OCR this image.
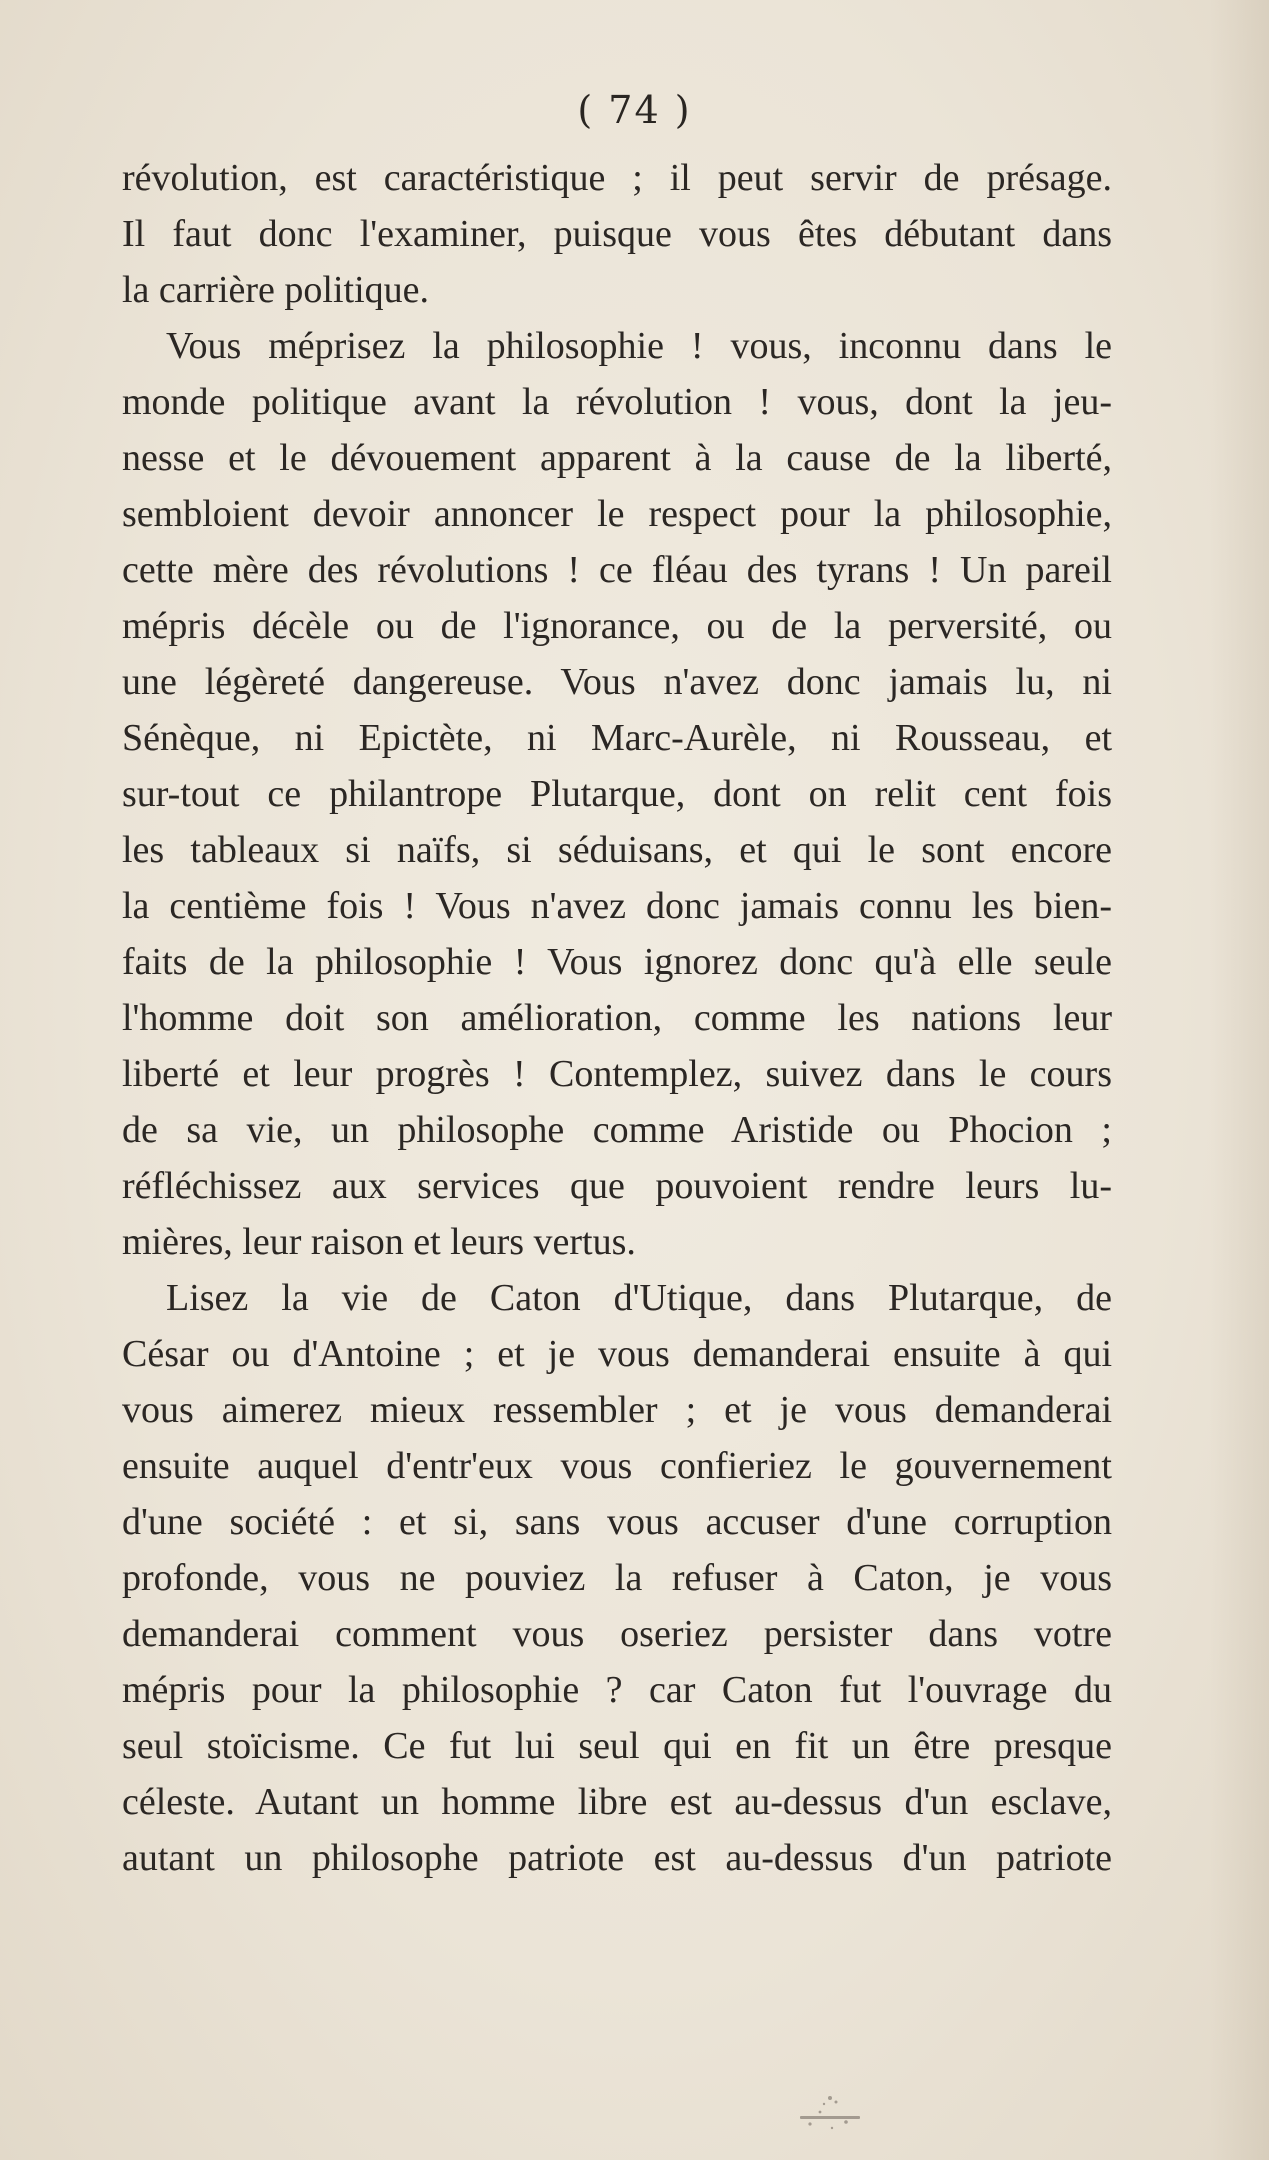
( 74 )
révolution, est caractéristique ; il peut servir de présage.
Il faut donc l'examiner, puisque vous êtes débutant dans
la carrière politique.
Vous méprisez la philosophie ! vous, inconnu dans le
monde politique avant la révolution ! vous, dont la jeu-
nesse et le dévouement apparent à la cause de la liberté,
sembloient devoir annoncer le respect pour la philosophie,
cette mère des révolutions ! ce fléau des tyrans ! Un pareil
mépris décèle ou de l'ignorance, ou de la perversité, ou
une légèreté dangereuse. Vous n'avez donc jamais lu, ni
Sénèque, ni Epictète, ni Marc-Aurèle, ni Rousseau, et
sur-tout ce philantrope Plutarque, dont on relit cent fois
les tableaux si naïfs, si séduisans, et qui le sont encore
la centième fois ! Vous n'avez donc jamais connu les bien-
faits de la philosophie ! Vous ignorez donc qu'à elle seule
l'homme doit son amélioration, comme les nations leur
liberté et leur progrès ! Contemplez, suivez dans le cours
de sa vie, un philosophe comme Aristide ou Phocion ;
réfléchissez aux services que pouvoient rendre leurs lu-
mières, leur raison et leurs vertus.
Lisez la vie de Caton d'Utique, dans Plutarque, de
César ou d'Antoine ; et je vous demanderai ensuite à qui
vous aimerez mieux ressembler ; et je vous demanderai
ensuite auquel d'entr'eux vous confieriez le gouvernement
d'une société : et si, sans vous accuser d'une corruption
profonde, vous ne pouviez la refuser à Caton, je vous
demanderai comment vous oseriez persister dans votre
mépris pour la philosophie ? car Caton fut l'ouvrage du
seul stoïcisme. Ce fut lui seul qui en fit un être presque
céleste. Autant un homme libre est au-dessus d'un esclave,
autant un philosophe patriote est au-dessus d'un patriote
